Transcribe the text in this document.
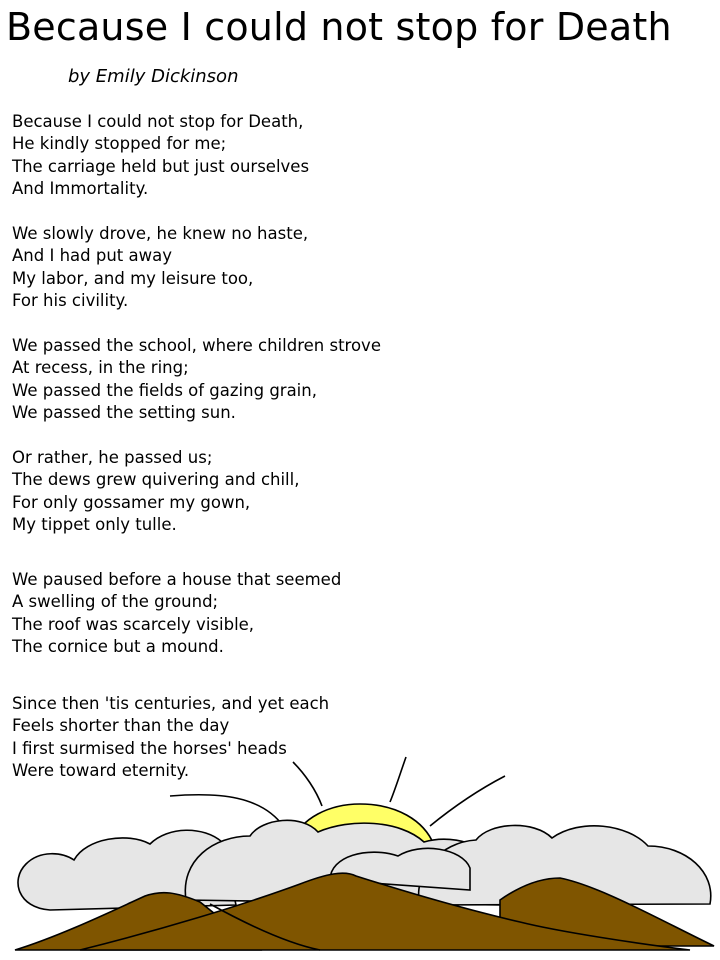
Because I could not stop for Death
by Emily Dickinson
Because I could not stop for Death,
He kindly stopped for me;
The carriage held but just ourselves
And Immortality.
We slowly drove, he knew no haste,
And I had put away
My labor, and my leisure too,
For his civility.
We passed the school, where children strove
At recess, in the ring;
We passed the fields of gazing grain,
We passed the setting sun.
Or rather, he passed us;
The dews grew quivering and chill,
For only gossamer my gown,
My tippet only tulle.
We paused before a house that seemed
A swelling of the ground;
The roof was scarcely visible,
The cornice but a mound.
Since then 'tis centuries, and yet each
Feels shorter than the day
I first surmised the horses' heads
Were toward eternity.
